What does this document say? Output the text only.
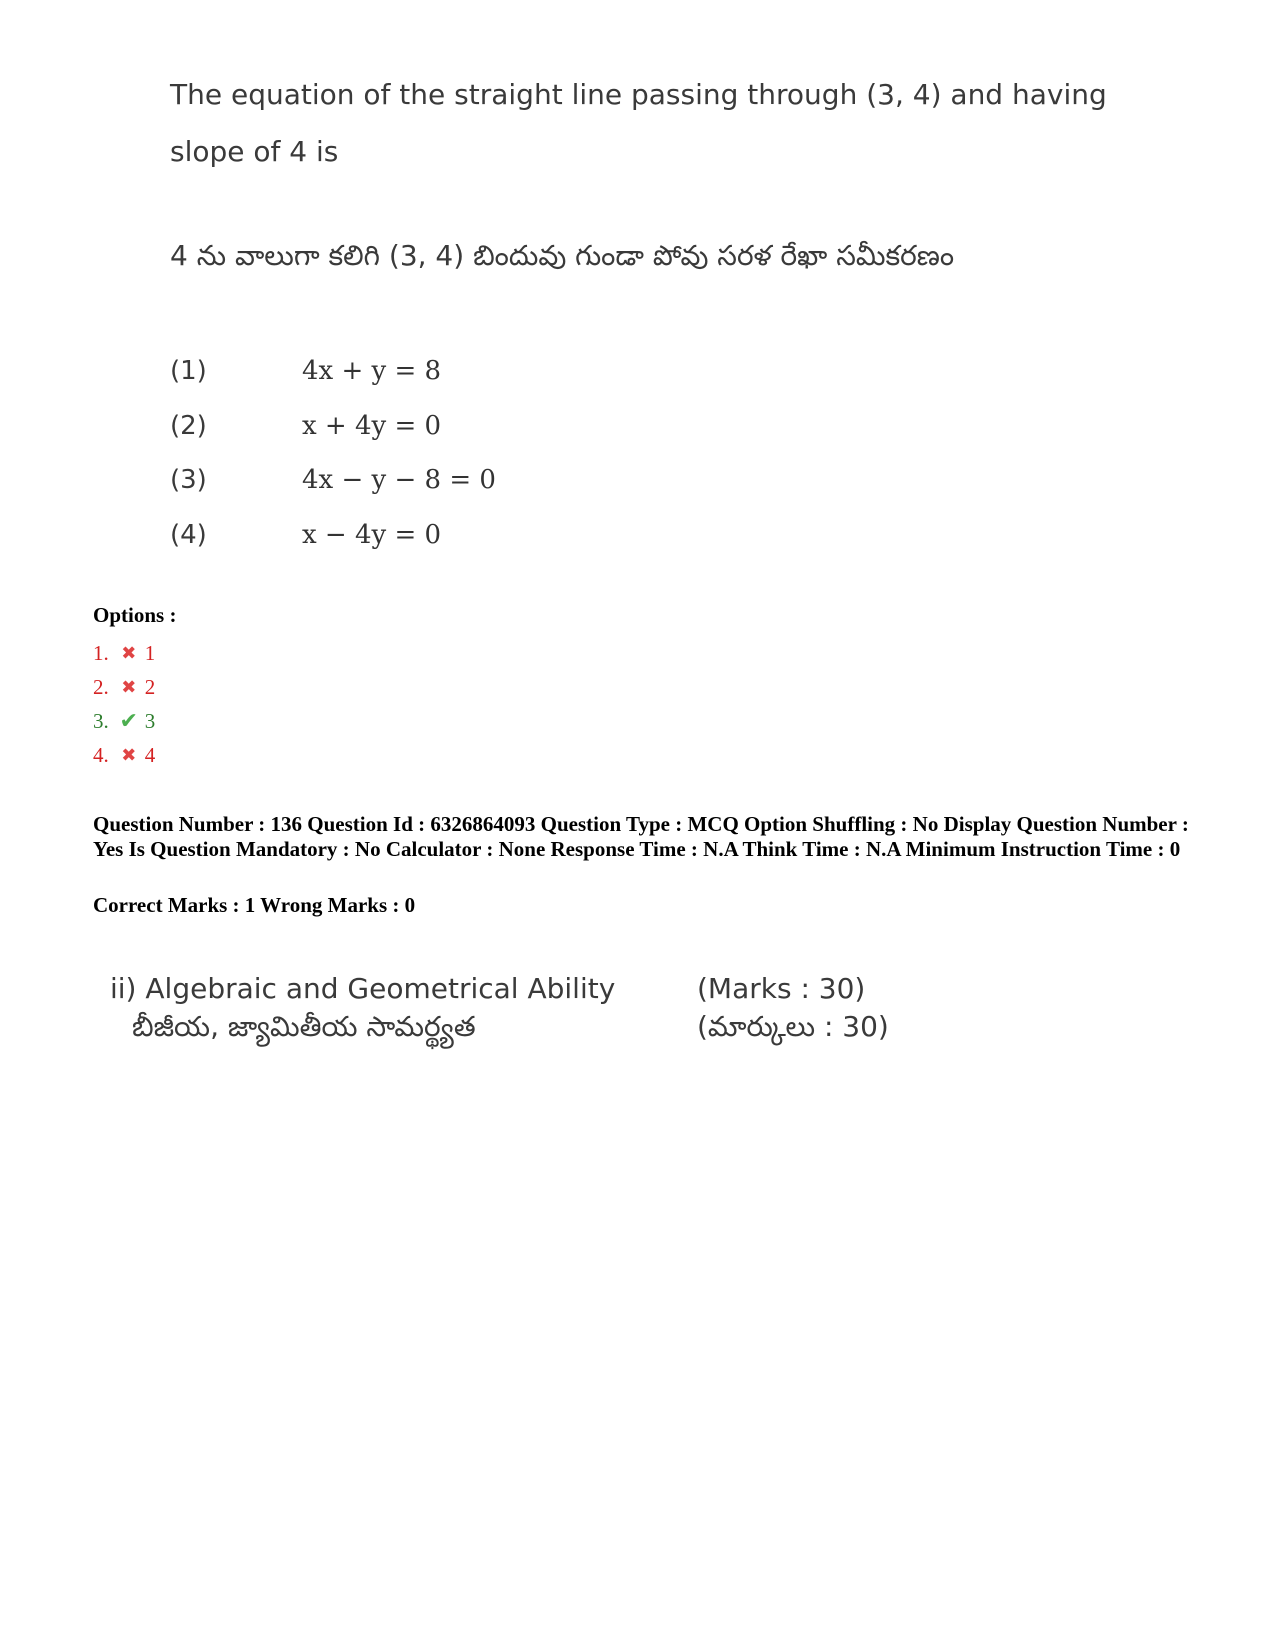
The equation of the straight line passing through (3, 4) and having slope of 4 is
4 ను వాలుగా కలిగి (3, 4) బిందువు గుండా పోవు సరళ రేఖా సమీకరణం
(1)	4x + y = 8
(2)	x + 4y = 0
(3)	4x − y − 8 = 0
(4)	x − 4y = 0
Options :
1. ✖ 1
2. ✖ 2
3. ✔ 3
4. ✖ 4
Question Number : 136 Question Id : 6326864093 Question Type : MCQ Option Shuffling : No Display Question Number : Yes Is Question Mandatory : No Calculator : None Response Time : N.A Think Time : N.A Minimum Instruction Time : 0
Correct Marks : 1 Wrong Marks : 0
ii) Algebraic and Geometrical Ability
బీజీయ, జ్యామితీయ సామర్థ్యత
(Marks : 30)
(మార్కులు : 30)
